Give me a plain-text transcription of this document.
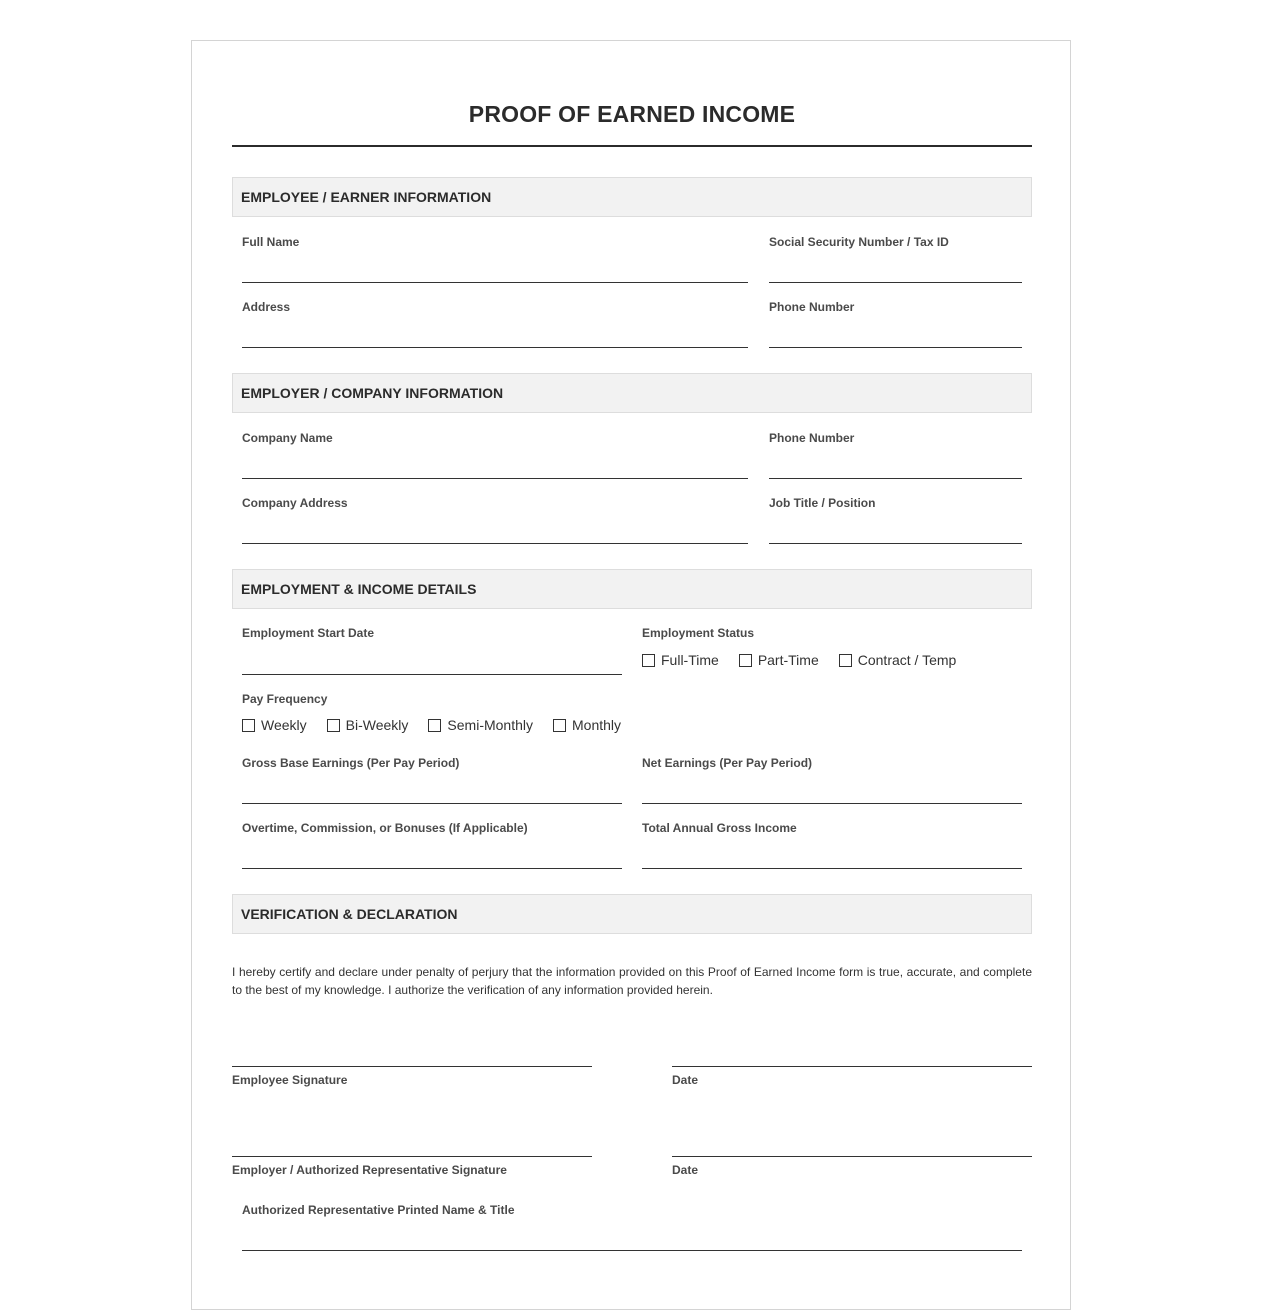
PROOF OF EARNED INCOME
EMPLOYEE / EARNER INFORMATION
Full Name	Social Security Number / Tax ID
Address	Phone Number
EMPLOYER / COMPANY INFORMATION
Company Name	Phone Number
Company Address	Job Title / Position
EMPLOYMENT & INCOME DETAILS
Employment Start Date	Employment Status
Full-Time	Part-Time	Contract / Temp
Pay Frequency
Weekly	Bi-Weekly	Semi-Monthly	Monthly
Gross Base Earnings (Per Pay Period)	Net Earnings (Per Pay Period)
Overtime, Commission, or Bonuses (If Applicable)	Total Annual Gross Income
VERIFICATION & DECLARATION
I hereby certify and declare under penalty of perjury that the information provided on this Proof of Earned Income form is true, accurate, and complete to the best of my knowledge. I authorize the verification of any information provided herein.
Employee Signature	Date
Employer / Authorized Representative Signature	Date
Authorized Representative Printed Name & Title
